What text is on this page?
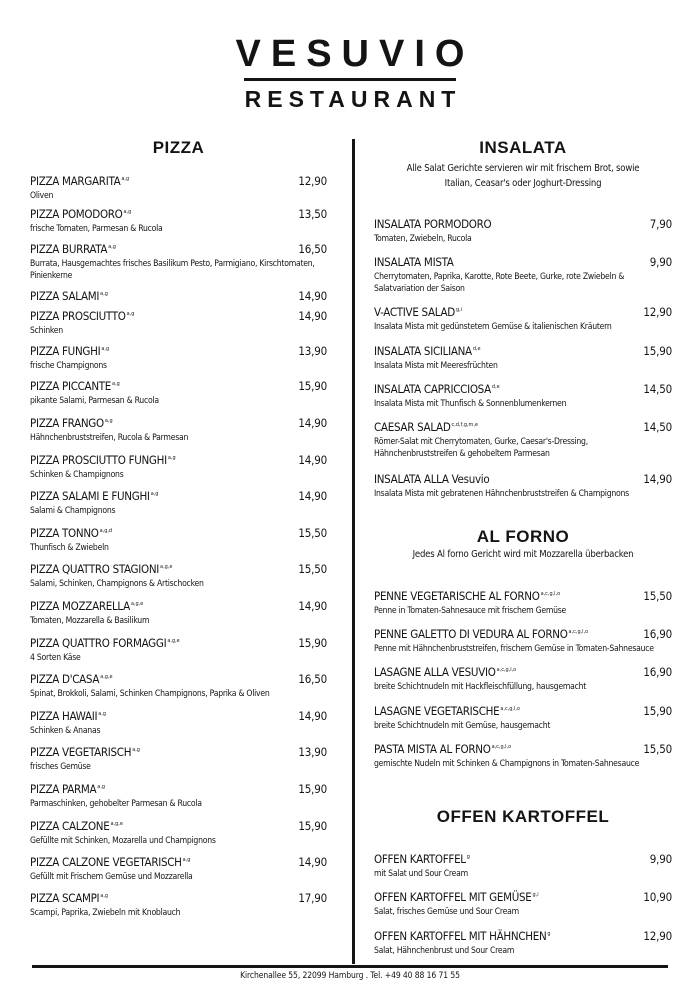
VESUVIO
RESTAURANT
PIZZA
PIZZA MARGARITA$^{a,g}$	12,90
Oliven
PIZZA POMODORO$^{a,g}$	13,50
frische Tomaten, Parmesan & Rucola
PIZZA BURRATA$^{a,g}$	16,50
Burrata, Hausgemachtes frisches Basilikum Pesto, Parmigiano, Kirschtomaten, Pinienkerne
PIZZA SALAMI$^{a,g}$	14,90
PIZZA PROSCIUTTO$^{a,g}$	14,90
Schinken
PIZZA FUNGHI$^{a,g}$	13,90
frische Champignons
PIZZA PICCANTE$^{a,g}$	15,90
pikante Salami, Parmesan & Rucola
PIZZA FRANGO$^{a,g}$	14,90
Hähnchenbruststreifen, Rucola & Parmesan
PIZZA PROSCIUTTO FUNGHI$^{a,g}$	14,90
Schinken & Champignons
PIZZA SALAMI E FUNGHI$^{a,g}$	14,90
Salami & Champignons
PIZZA TONNO$^{a,g,d}$	15,50
Thunfisch & Zwiebeln
PIZZA QUATTRO STAGIONI$^{a,g,e}$	15,50
Salami, Schinken, Champignons & Artischocken
PIZZA MOZZARELLA$^{a,g,e}$	14,90
Tomaten, Mozzarella & Basilikum
PIZZA QUATTRO FORMAGGI$^{a,g,e}$	15,90
4 Sorten Käse
PIZZA D'CASA$^{a,g,e}$	16,50
Spinat, Brokkoli, Salami, Schinken Champignons, Paprika & Oliven
PIZZA HAWAII$^{a,g}$	14,90
Schinken & Ananas
PIZZA VEGETARISCH$^{a,g}$	13,90
frisches Gemüse
PIZZA PARMA$^{a,g}$	15,90
Parmaschinken, gehobelter Parmesan & Rucola
PIZZA CALZONE$^{a,g,e}$	15,90
Gefüllte mit Schinken, Mozarella und Champignons
PIZZA CALZONE VEGETARISCH$^{a,g}$	14,90
Gefüllt mit Frischem Gemüse und Mozzarella
PIZZA SCAMPI$^{a,g}$	17,90
Scampi, Paprika, Zwiebeln mit Knoblauch
INSALATA
Alle Salat Gerichte servieren wir mit frischem Brot, sowie Italian, Ceasar's oder Joghurt-Dressing
INSALATA PORMODORO	7,90
Tomaten, Zwiebeln, Rucola
INSALATA MISTA	9,90
Cherrytomaten, Paprika, Karotte, Rote Beete, Gurke, rote Zwiebeln & Salatvariation der Saison
V-ACTIVE SALAD$^{g,i}$	12,90
Insalata Mista mit gedünstetem Gemüse & italienischen Kräutern
INSALATA SICILIANA$^{d,e}$	15,90
Insalata Mista mit Meeresfrüchten
INSALATA CAPRICCIOSA$^{d,e}$	14,50
Insalata Mista mit Thunfisch & Sonnenblumenkernen
CAESAR SALAD$^{c,d,f,g,m,e}$	14,50
Römer-Salat mit Cherrytomaten, Gurke, Caesar's-Dressing, Hähnchenbruststreifen & gehobeltem Parmesan
INSALATA ALLA Vesuvio	14,90
Insalata Mista mit gebratenen Hähnchenbruststreifen & Champignons
AL FORNO
Jedes Al forno Gericht wird mit Mozzarella überbacken
PENNE VEGETARISCHE AL FORNO$^{a,c,g,l,o}$	15,50
Penne in Tomaten-Sahnesauce mit frischem Gemüse
PENNE GALETTO DI VEDURA AL FORNO$^{a,c,g,l,o}$	16,90
Penne mit Hähnchenbruststreifen, frischem Gemüse in Tomaten-Sahnesauce
LASAGNE ALLA VESUVIO$^{a,c,g,l,o}$	16,90
breite Schichtnudeln mit Hackfleischfüllung, hausgemacht
LASAGNE VEGETARISCHE$^{a,c,g,l,o}$	15,90
breite Schichtnudeln mit Gemüse, hausgemacht
PASTA MISTA AL FORNO$^{a,c,g,l,o}$	15,50
gemischte Nudeln mit Schinken & Champignons in Tomaten-Sahnesauce
OFFEN KARTOFFEL
OFFEN KARTOFFEL$^g$	9,90
mit Salat und Sour Cream
OFFEN KARTOFFEL MIT GEMÜSE$^{g,i}$	10,90
Salat, frisches Gemüse und Sour Cream
OFFEN KARTOFFEL MIT HÄHNCHEN$^g$	12,90
Salat, Hähnchenbrust und Sour Cream
Kirchenallee 55, 22099 Hamburg . Tel. +49 40 88 16 71 55
